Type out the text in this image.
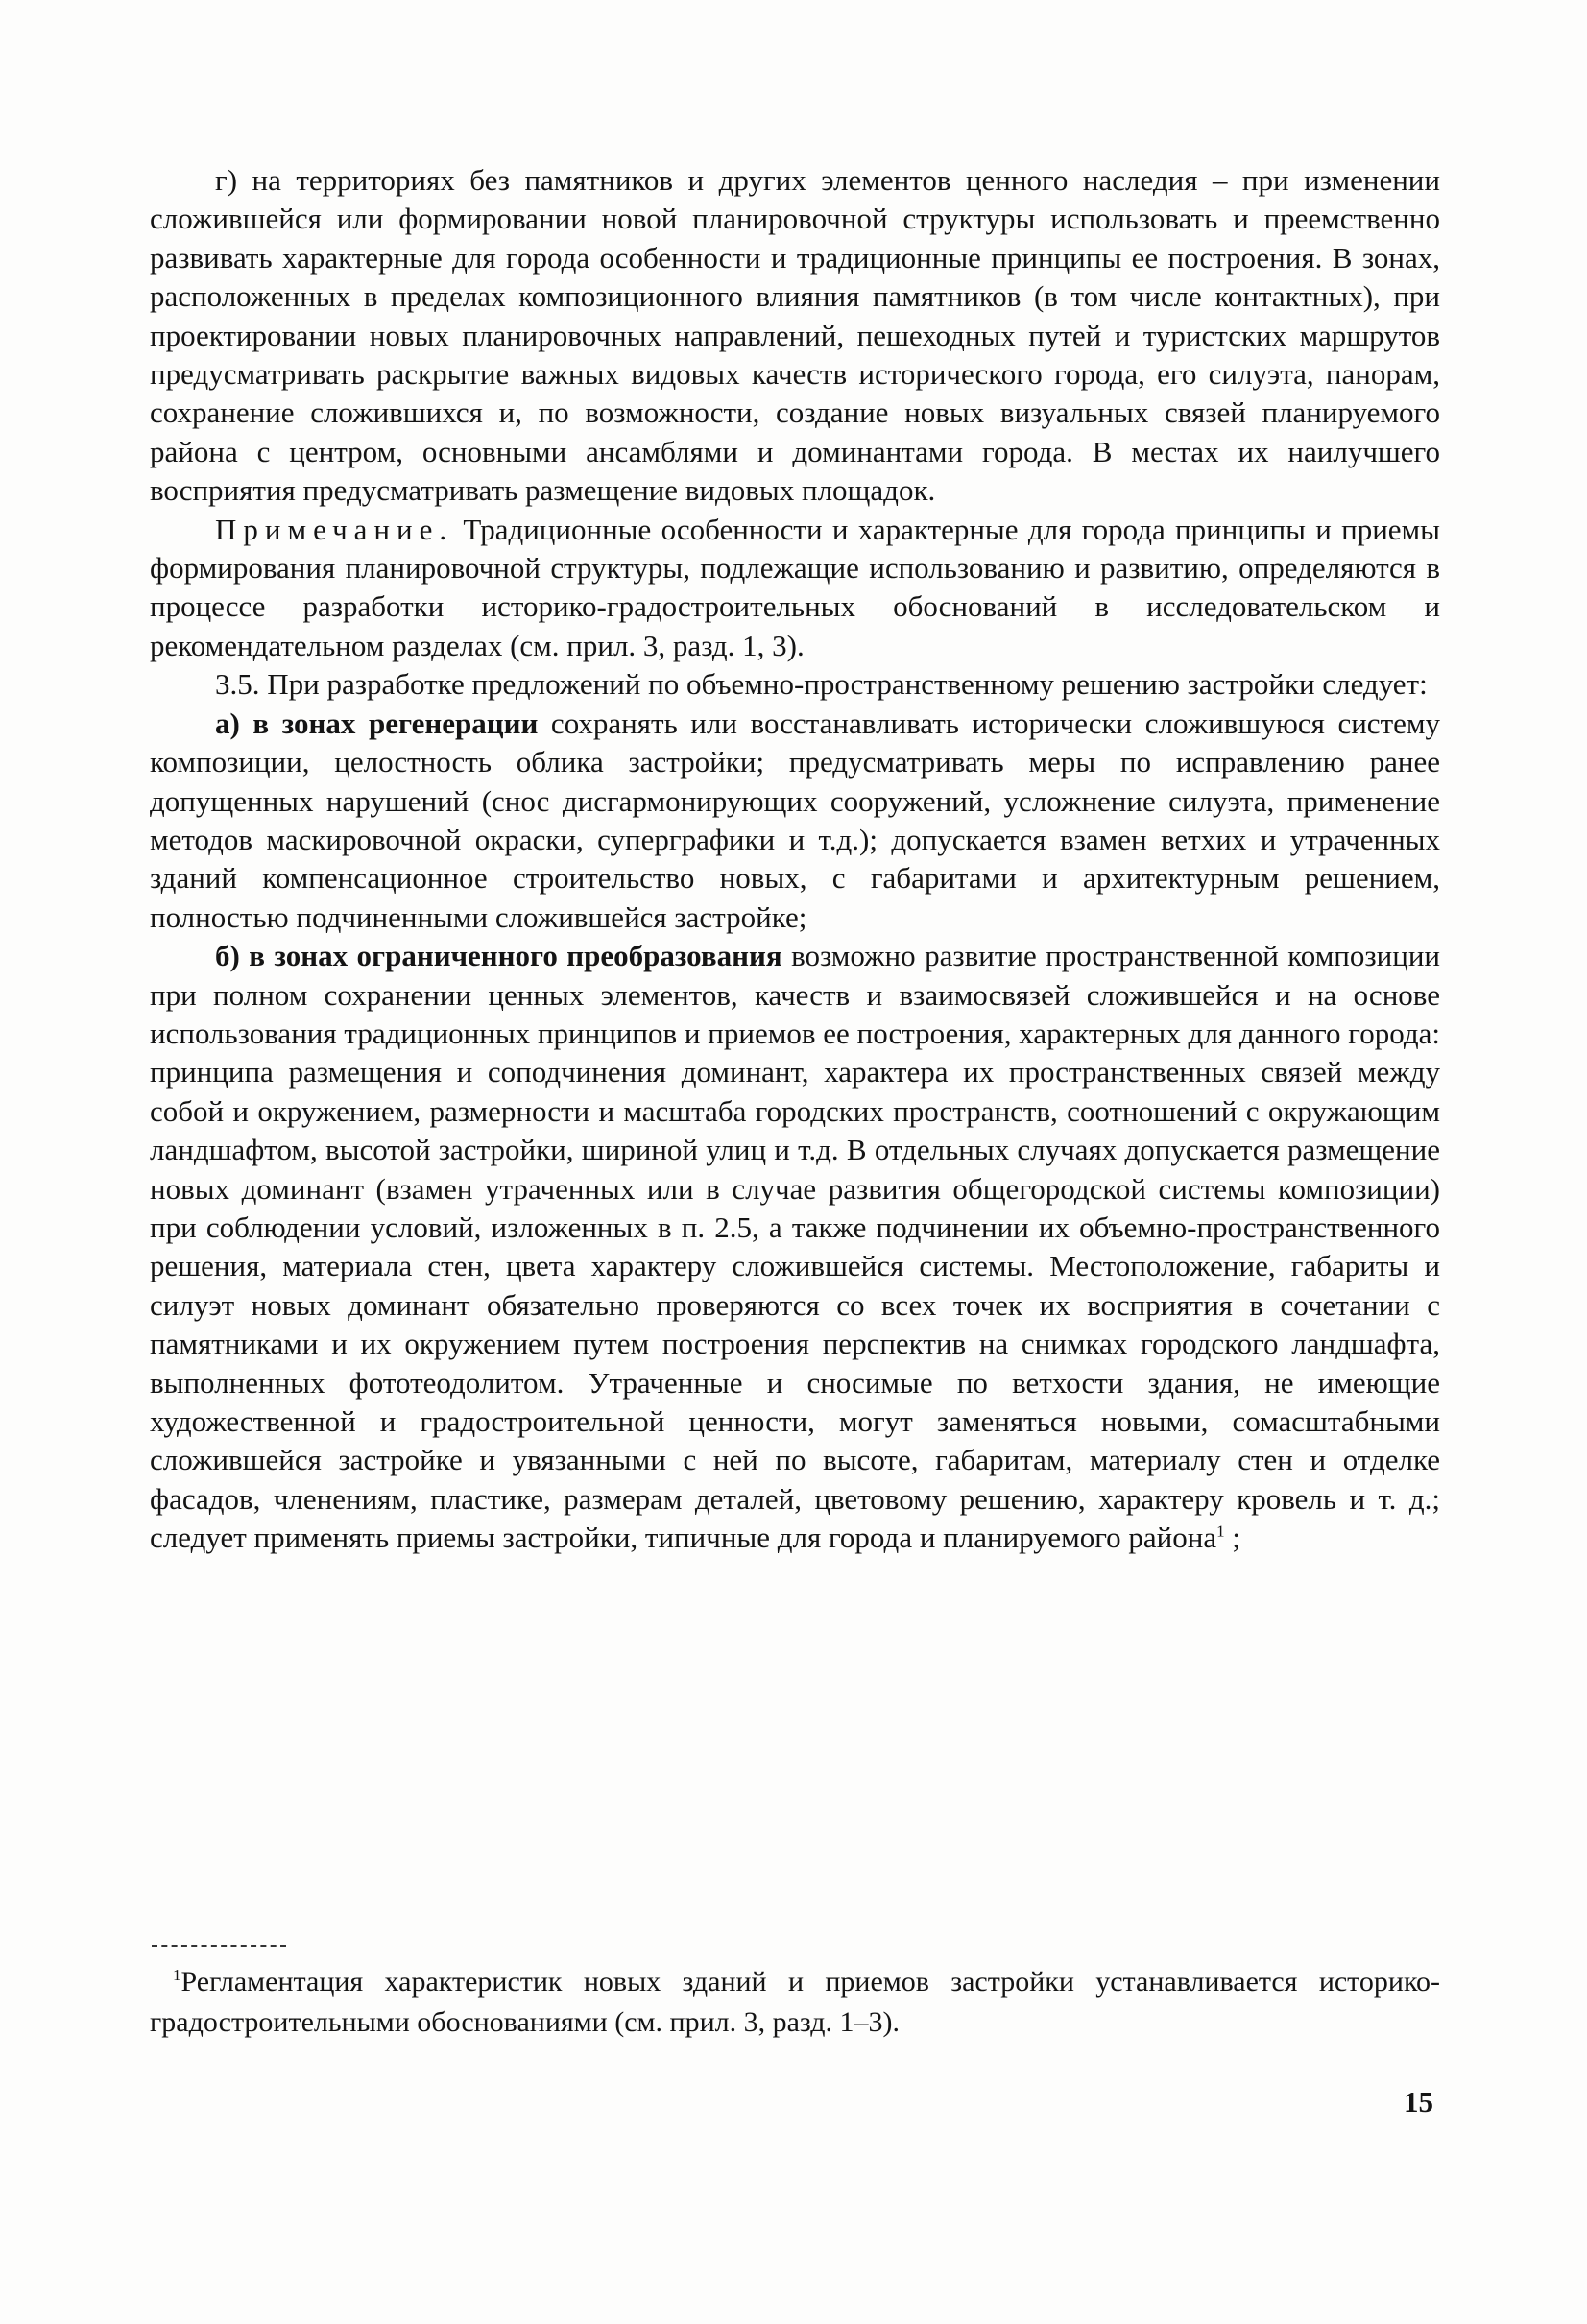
г) на территориях без памятников и других элементов ценного наследия – при изменении сложившейся или формировании новой планировочной структуры использовать и преемственно развивать характерные для города особенности и традиционные принципы ее построения. В зонах, расположенных в пределах композиционного влияния памятников (в том числе контактных), при проектировании новых планировочных направлений, пешеходных путей и туристских маршрутов предусматривать раскрытие важных видовых качеств исторического города, его силуэта, панорам, сохранение сложившихся и, по возможности, создание новых визуальных связей планируемого района с центром, основными ансамблями и доминантами города. В местах их наилучшего восприятия предусматривать размещение видовых площадок.

Примечание. Традиционные особенности и характерные для города принципы и приемы формирования планировочной структуры, подлежащие использованию и развитию, определяются в процессе разработки историко-градостроительных обоснований в исследовательском и рекомендательном разделах (см. прил. 3, разд. 1, 3).

3.5. При разработке предложений по объемно-пространственному решению застройки следует:

а) в зонах регенерации сохранять или восстанавливать исторически сложившуюся систему композиции, целостность облика застройки; предусматривать меры по исправлению ранее допущенных нарушений (снос дисгармонирующих сооружений, усложнение силуэта, применение методов маскировочной окраски, суперграфики и т.д.); допускается взамен ветхих и утраченных зданий компенсационное строительство новых, с габаритами и архитектурным решением, полностью подчиненными сложившейся застройке;

б) в зонах ограниченного преобразования возможно развитие пространственной композиции при полном сохранении ценных элементов, качеств и взаимосвязей сложившейся и на основе использования традиционных принципов и приемов ее построения, характерных для данного города: принципа размещения и соподчинения доминант, характера их пространственных связей между собой и окружением, размерности и масштаба городских пространств, соотношений с окружающим ландшафтом, высотой застройки, шириной улиц и т.д. В отдельных случаях допускается размещение новых доминант (взамен утраченных или в случае развития общегородской системы композиции) при соблюдении условий, изложенных в п. 2.5, а также подчинении их объемно-пространственного решения, материала стен, цвета характеру сложившейся системы. Местоположение, габариты и силуэт новых доминант обязательно проверяются со всех точек их восприятия в сочетании с памятниками и их окружением путем построения перспектив на снимках городского ландшафта, выполненных фототеодолитом. Утраченные и сносимые по ветхости здания, не имеющие художественной и градостроительной ценности, могут заменяться новыми, сомасштабными сложившейся застройке и увязанными с ней по высоте, габаритам, материалу стен и отделке фасадов, членениям, пластике, размерам деталей, цветовому решению, характеру кровель и т. д.; следует применять приемы застройки, типичные для города и планируемого района$^1$ ;

$^1$Регламентация характеристик новых зданий и приемов застройки устанавливается историко-градостроительными обоснованиями (см. прил. 3, разд. 1–3).

15
